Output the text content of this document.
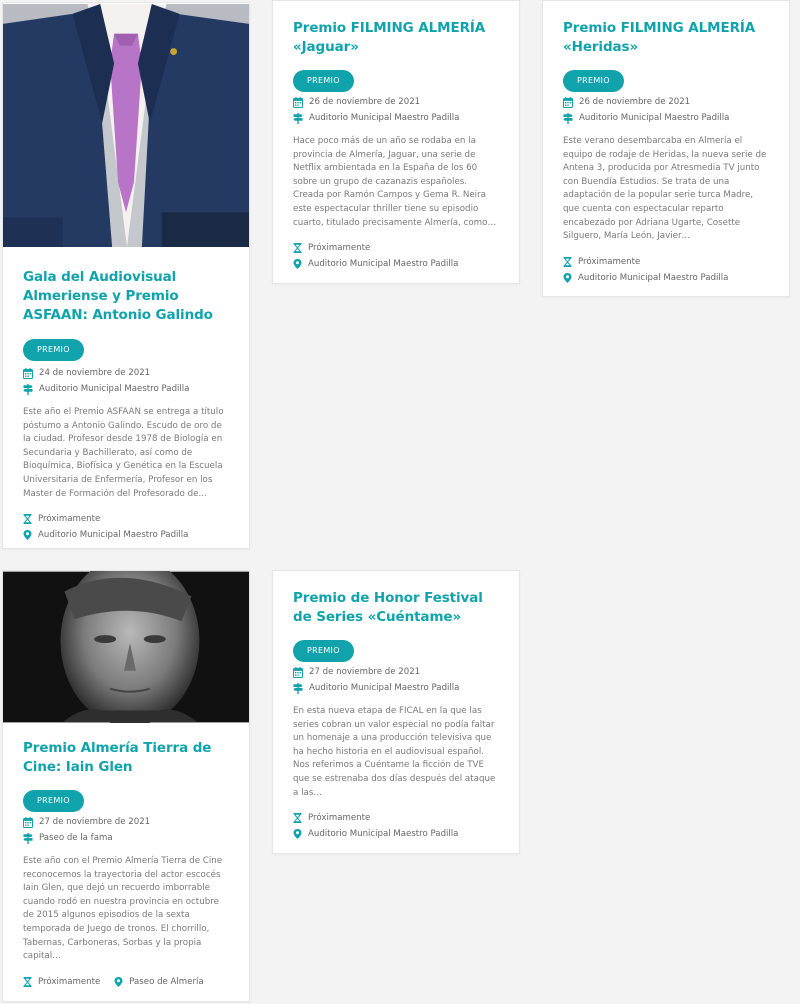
Gala del Audiovisual Almeriense y Premio ASFAAN: Antonio Galindo
PREMIO
24 de noviembre de 2021
Auditorio Municipal Maestro Padilla

Este año el Premio ASFAAN se entrega a título póstumo a Antonio Galindo. Escudo de oro de la ciudad. Profesor desde 1978 de Biología en Secundaria y Bachillerato, así como de Bioquímica, Biofísica y Genética en la Escuela Universitaria de Enfermería, Profesor en los Master de Formación del Profesorado de…

Próximamente
Auditorio Municipal Maestro Padilla
Premio FILMING ALMERÍA «Jaguar»
PREMIO
26 de noviembre de 2021
Auditorio Municipal Maestro Padilla

Hace poco más de un año se rodaba en la provincia de Almería, Jaguar, una serie de Netflix ambientada en la España de los 60 sobre un grupo de cazanazis españoles. Creada por Ramón Campos y Gema R. Neira este espectacular thriller tiene su episodio cuarto, titulado precisamente Almería, como…

Próximamente
Auditorio Municipal Maestro Padilla
Premio FILMING ALMERÍA «Heridas»
PREMIO
26 de noviembre de 2021
Auditorio Municipal Maestro Padilla

Este verano desembarcaba en Almería el equipo de rodaje de Heridas, la nueva serie de Antena 3, producida por Atresmedia TV junto con Buendía Estudios. Se trata de una adaptación de la popular serie turca Madre, que cuenta con espectacular reparto encabezado por Adriana Ugarte, Cosette Silguero, María León, Javier…

Próximamente
Auditorio Municipal Maestro Padilla
Premio Almería Tierra de Cine: Iain Glen
PREMIO
27 de noviembre de 2021
Paseo de la fama

Este año con el Premio Almería Tierra de Cine reconocemos la trayectoria del actor escocés Iain Glen, que dejó un recuerdo imborrable cuando rodó en nuestra provincia en octubre de 2015 algunos episodios de la sexta temporada de Juego de tronos. El chorrillo, Tabernas, Carboneras, Sorbas y la propia capital…

Próximamente	Paseo de Almería
Premio de Honor Festival de Series «Cuéntame»
PREMIO
27 de noviembre de 2021
Auditorio Municipal Maestro Padilla

En esta nueva etapa de FICAL en la que las series cobran un valor especial no podía faltar un homenaje a una producción televisiva que ha hecho historia en el audiovisual español. Nos referimos a Cuéntame la ficción de TVE que se estrenaba dos días después del ataque a las…

Próximamente
Auditorio Municipal Maestro Padilla
